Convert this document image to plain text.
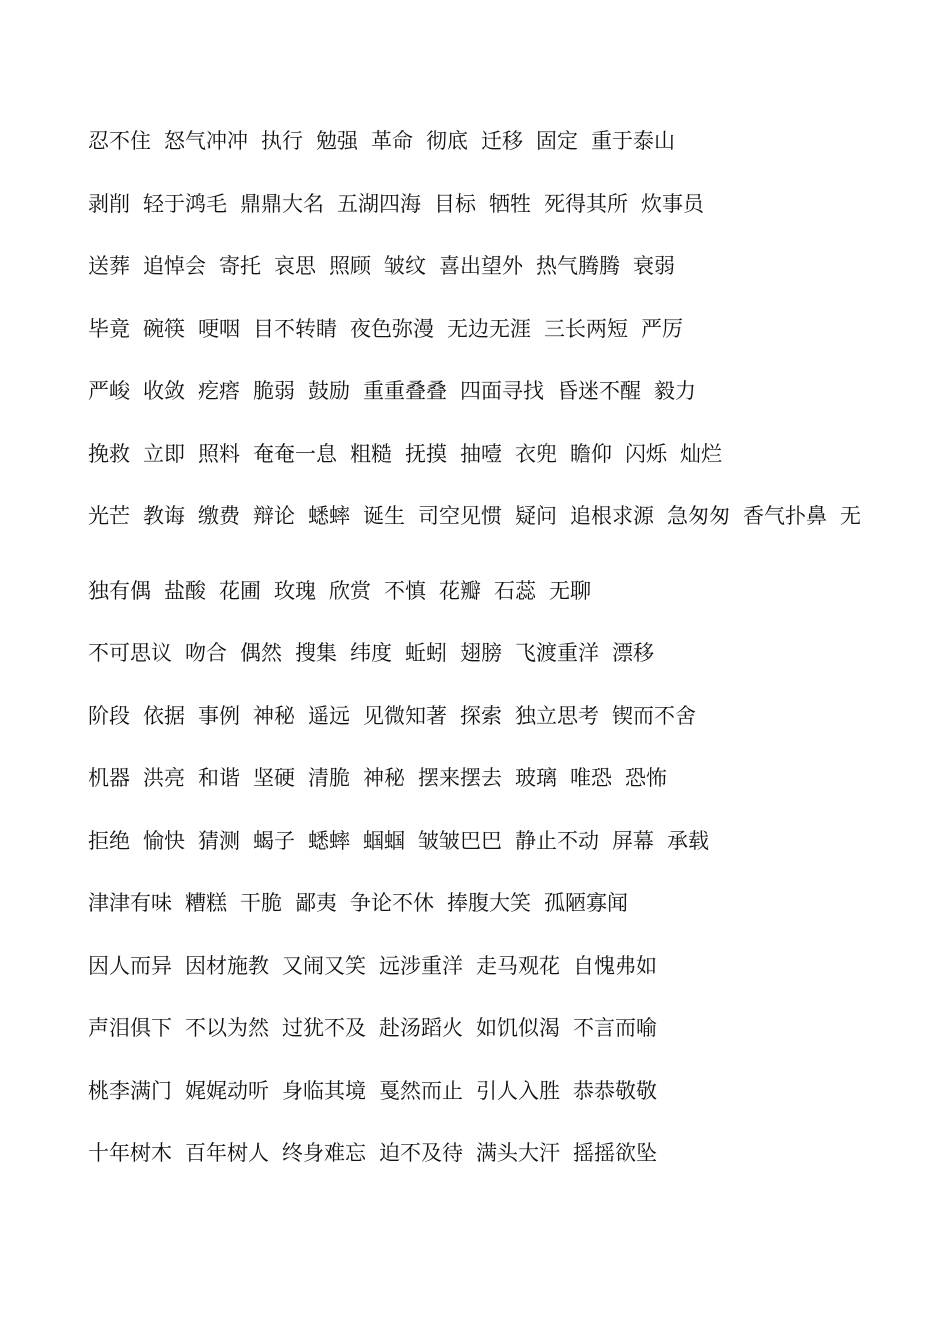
忍不住 怒气冲冲 执行 勉强 革命 彻底 迁移 固定 重于泰山
剥削 轻于鸿毛 鼎鼎大名 五湖四海 目标 牺牲 死得其所 炊事员
送葬 追悼会 寄托 哀思 照顾 皱纹 喜出望外 热气腾腾 衰弱
毕竟 碗筷 哽咽 目不转睛 夜色弥漫 无边无涯 三长两短 严厉
严峻 收敛 疙瘩 脆弱 鼓励 重重叠叠 四面寻找 昏迷不醒 毅力
挽救 立即 照料 奄奄一息 粗糙 抚摸 抽噎 衣兜 瞻仰 闪烁 灿烂
光芒 教诲 缴费 辩论 蟋蟀 诞生 司空见惯 疑问 追根求源 急匆匆 香气扑鼻 无
独有偶 盐酸 花圃 玫瑰 欣赏 不慎 花瓣 石蕊 无聊
不可思议 吻合 偶然 搜集 纬度 蚯蚓 翅膀 飞渡重洋 漂移
阶段 依据 事例 神秘 遥远 见微知著 探索 独立思考 锲而不舍
机器 洪亮 和谐 坚硬 清脆 神秘 摆来摆去 玻璃 唯恐 恐怖
拒绝 愉快 猜测 蝎子 蟋蟀 蝈蝈 皱皱巴巴 静止不动 屏幕 承载
津津有味 糟糕 干脆 鄙夷 争论不休 捧腹大笑 孤陋寡闻
因人而异 因材施教 又闹又笑 远涉重洋 走马观花 自愧弗如
声泪俱下 不以为然 过犹不及 赴汤蹈火 如饥似渴 不言而喻
桃李满门 娓娓动听 身临其境 戛然而止 引人入胜 恭恭敬敬
十年树木 百年树人 终身难忘 迫不及待 满头大汗 摇摇欲坠
